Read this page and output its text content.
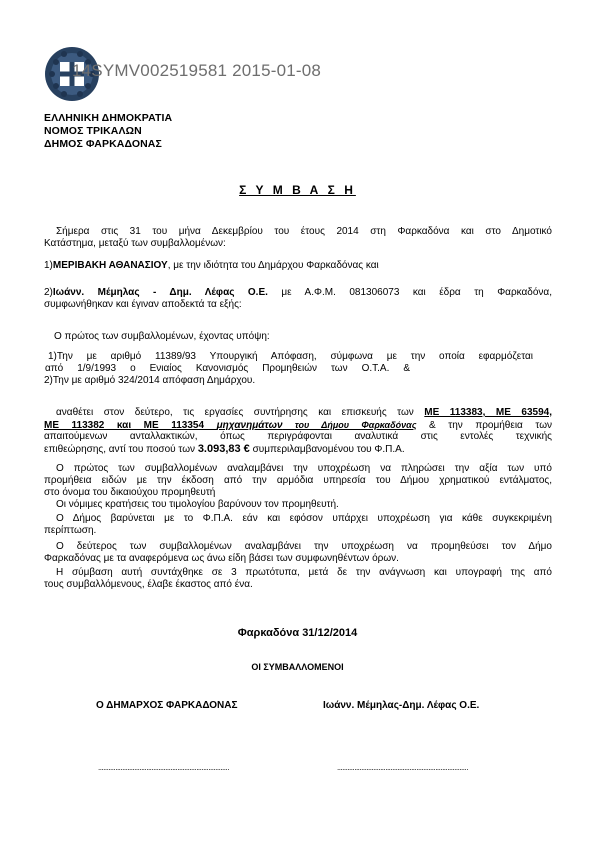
14SYMV002519581 2015-01-08
ΕΛΛΗΝΙΚΗ ΔΗΜΟΚΡΑΤΙΑ
ΝΟΜΟΣ ΤΡΙΚΑΛΩΝ
ΔΗΜΟΣ ΦΑΡΚΑΔΟΝΑΣ
Σ Υ Μ Β Α Σ Η
Σήμερα στις 31 του μήνα Δεκεμβρίου του έτους 2014 στη Φαρκαδόνα και στο Δημοτικό
Κατάστημα, μεταξύ των συμβαλλομένων:
1)ΜΕΡΙΒΑΚΗ ΑΘΑΝΑΣΙΟΥ, με την ιδιότητα του Δημάρχου Φαρκαδόνας και
2)Ιωάνν. Μέμηλας - Δημ. Λέφας Ο.Ε. με Α.Φ.Μ. 081306073 και έδρα τη Φαρκαδόνα,
συμφωνήθηκαν και έγιναν αποδεκτά τα εξής:
Ο πρώτος των συμβαλλομένων, έχοντας υπόψη:
1)Την με αριθμό 11389/93 Υπουργική Απόφαση, σύμφωνα με την οποία εφαρμόζεται
από 1/9/1993 ο Ενιαίος Κανονισμός Προμηθειών των Ο.Τ.Α. &
2)Την με αριθμό 324/2014 απόφαση Δημάρχου.
αναθέτει στον δεύτερο, τις εργασίες συντήρησης και επισκευής των ΜΕ 113383, ΜΕ 63594,
ΜΕ 113382 και ΜΕ 113354 μηχανημάτων του Δήμου Φαρκαδόνας & την προμήθεια των
απαιτούμενων ανταλλακτικών, όπως περιγράφονται αναλυτικά στις εντολές τεχνικής
επιθεώρησης, αντί του ποσού των 3.093,83 € συμπεριλαμβανομένου του Φ.Π.Α.
Ο πρώτος των συμβαλλομένων αναλαμβάνει την υποχρέωση να πληρώσει την αξία των υπό
προμήθεια ειδών με την έκδοση από την αρμόδια υπηρεσία του Δήμου χρηματικού εντάλματος,
στο όνομα του δικαιούχου προμηθευτή
Οι νόμιμες κρατήσεις του τιμολογίου βαρύνουν τον προμηθευτή.
Ο Δήμος βαρύνεται με το Φ.Π.Α. εάν και εφόσον υπάρχει υποχρέωση για κάθε συγκεκριμένη
περίπτωση.
Ο δεύτερος των συμβαλλομένων αναλαμβάνει την υποχρέωση να προμηθεύσει τον Δήμο
Φαρκαδόνας με τα αναφερόμενα ως άνω είδη βάσει των συμφωνηθέντων όρων.
Η σύμβαση αυτή συντάχθηκε σε 3 πρωτότυπα, μετά δε την ανάγνωση και υπογραφή της από
τους συμβαλλόμενους, έλαβε έκαστος από ένα.
Φαρκαδόνα 31/12/2014
ΟΙ ΣΥΜΒΑΛΛΟΜΕΝΟΙ
Ο ΔΗΜΑΡΧΟΣ ΦΑΡΚΑΔΟΝΑΣ	Ιωάνν. Μέμηλας-Δημ. Λέφας Ο.Ε.
............................................................................	............................................................................
